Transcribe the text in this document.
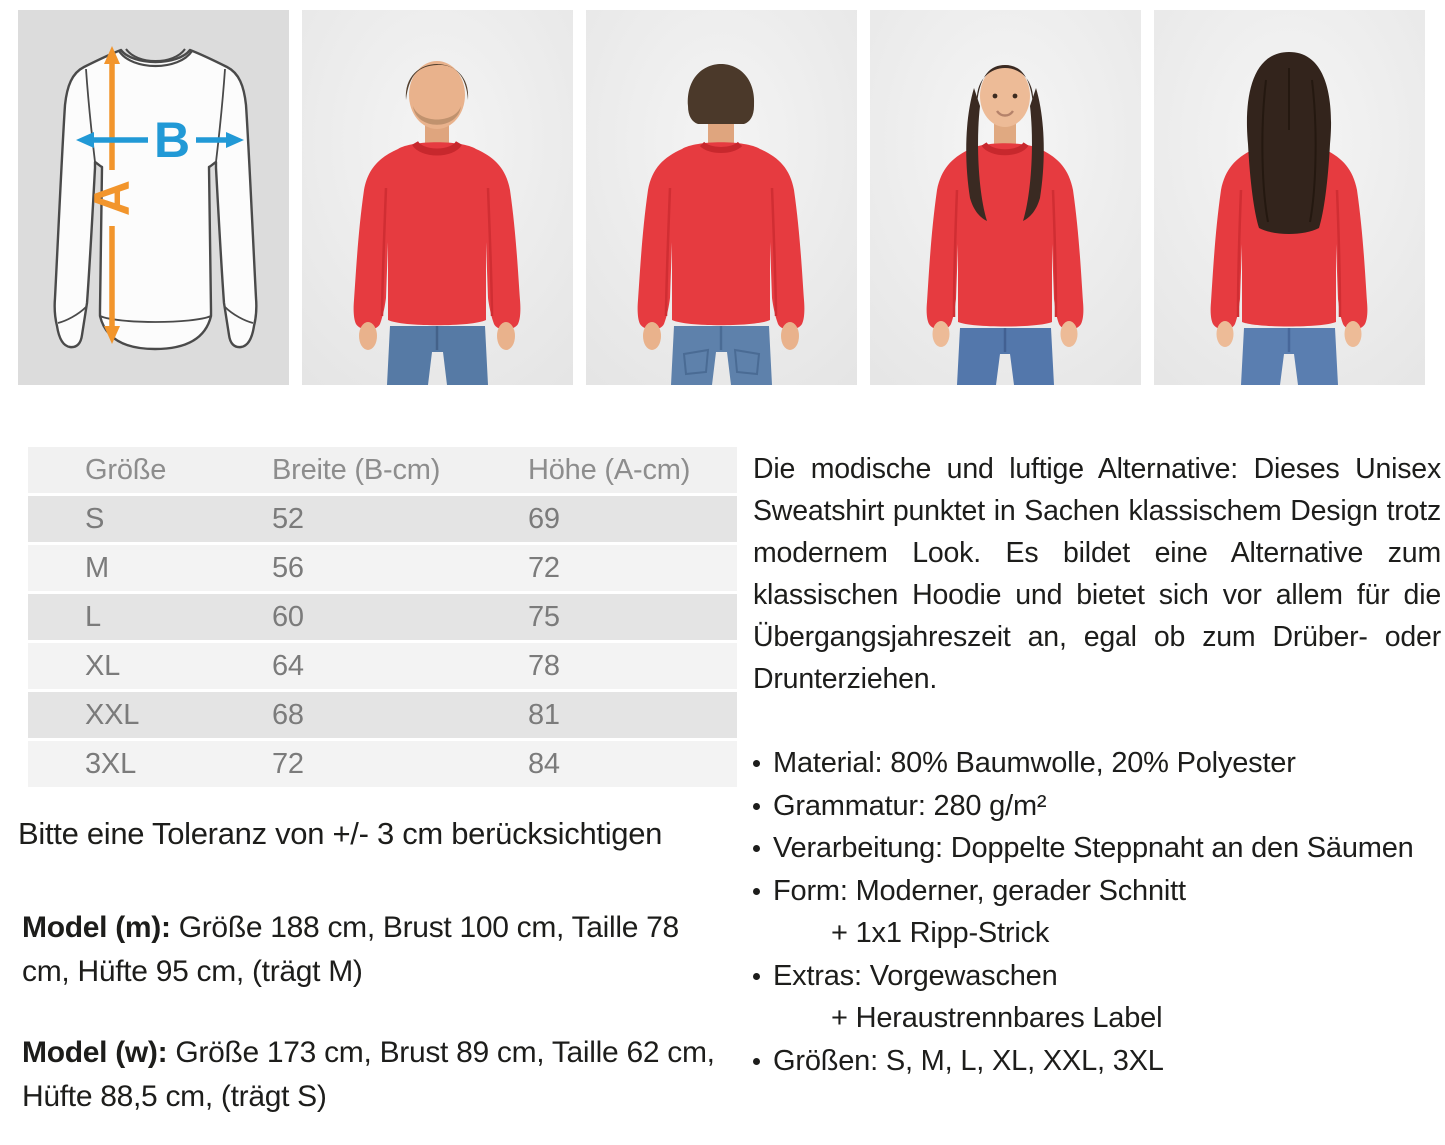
A
B
Größe	Breite (B-cm)	Höhe (A-cm)
S	52	69
M	56	72
L	60	75
XL	64	78
XXL	68	81
3XL	72	84

Bitte eine Toleranz von +/- 3 cm berücksichtigen

Model (m): Größe 188 cm, Brust 100 cm, Taille 78 cm, Hüfte 95 cm, (trägt M)

Model (w): Größe 173 cm, Brust 89 cm, Taille 62 cm, Hüfte 88,5 cm, (trägt S)

Die modische und luftige Alternative: Dieses Unisex Sweatshirt punktet in Sachen klassischem Design trotz modernem Look. Es bildet eine Alternative zum klassischen Hoodie und bietet sich vor allem für die Übergangsjahreszeit an, egal ob zum Drüber- oder Drunterziehen.

Material: 80% Baumwolle, 20% Polyester
Grammatur: 280 g/m²
Verarbeitung: Doppelte Steppnaht an den Säumen
Form: Moderner, gerader Schnitt
+ 1x1 Ripp-Strick
Extras: Vorgewaschen
+ Heraustrennbares Label
Größen: S, M, L, XL, XXL, 3XL
